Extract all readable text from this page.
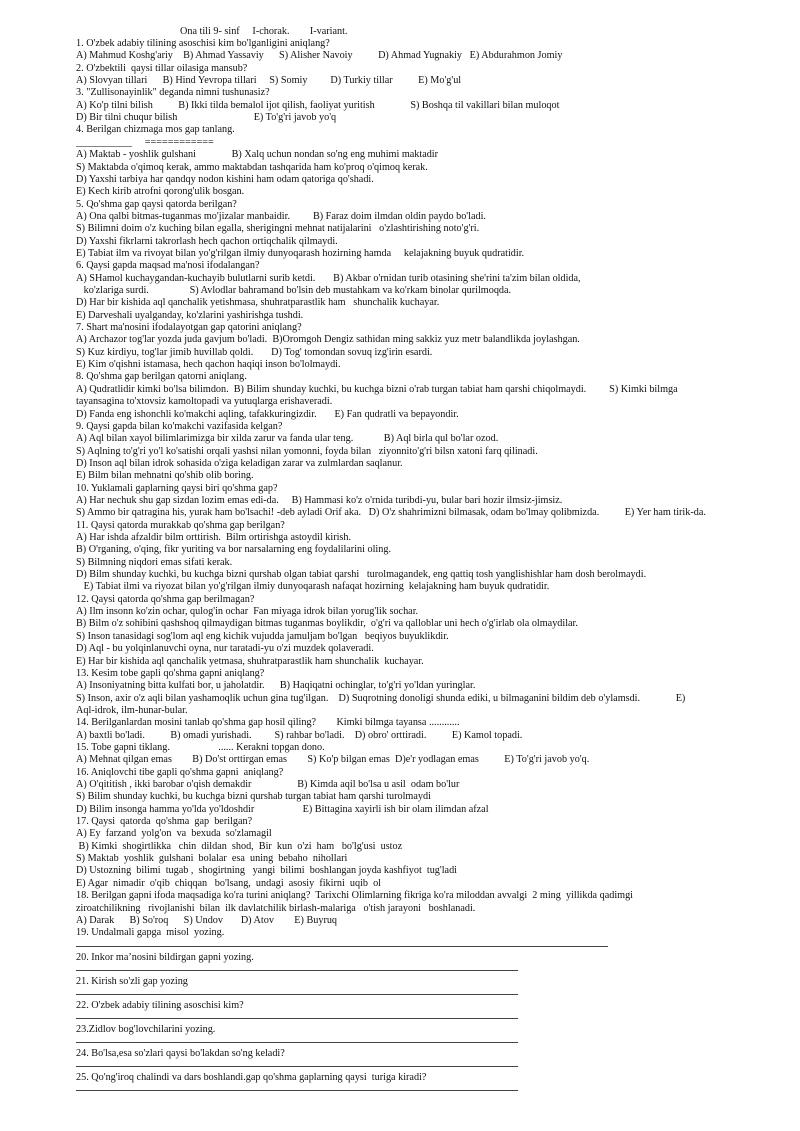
Ona tili 9- sinf     I-chorak.        I-variant.
1. O'zbek adabiy tilining asoschisi kim bo'lganligini aniqlang?
A) Mahmud Koshg'ariy    B) Ahmad Yassaviy      S) Alisher Navoiy          D) Ahmad Yugnakiy   E) Abdurahmon Jomiy
2. O'zbektili  qaysi tillar oilasiga mansub?
A) Slovyan tillari      B) Hind Yevropa tillari     S) Somiy         D) Turkiy tillar          E) Mo'g'ul
3. "Zullisonayinlik" deganda nimni tushunasiz?
A) Ko'p tilni bilish          B) Ikki tilda bemalol ijot qilish, faoliyat yuritish              S) Boshqa til vakillari bilan muloqot
D) Bir tilni chuqur bilish                              E) To'g'ri javob yo'q
4. Berilgan chizmaga mos gap tanlang.
___________     ============
A) Maktab - yoshlik gulshani              B) Xalq uchun nondan so'ng eng muhimi maktadir
S) Maktabda o'qimoq kerak, ammo maktabdan tashqarida ham ko'proq o'qimoq kerak.
D) Yaxshi tarbiya har qandqy nodon kishini ham odam qatoriga qo'shadi.
E) Kech kirib atrofni qorong'ulik bosgan.
5. Qo'shma gap qaysi qatorda berilgan?
A) Ona qalbi bitmas-tuganmas mo'jizalar manbaidir.         B) Faraz doim ilmdan oldin paydo bo'ladi.
S) Bilimni doim o'z kuching bilan egalla, sherigingni mehnat natijalarini   o'zlashtirishing noto'g'ri.
D) Yaxshi fikrlarni takrorlash hech qachon ortiqchalik qilmaydi.
E) Tabiat ilm va rivoyat bilan yo'g'rilgan ilmiy dunyoqarash hozirning hamda     kelajakning buyuk qudratidir.
6. Qaysi gapda maqsad ma'nosi ifodalangan?
A) SHamol kuchaygandan-kuchayib bulutlarni surib ketdi.       B) Akbar o'rnidan turib otasining she'rini ta'zim bilan oldida,
ko'zlariga surdi.                S) Avlodlar bahramand bo'lsin deb mustahkam va ko'rkam binolar qurilmoqda.
D) Har bir kishida aql qanchalik yetishmasa, shuhratparastlik ham   shunchalik kuchayar.
E) Darveshali uyalganday, ko'zlarini yashirishga tushdi.
7. Shart ma'nosini ifodalayotgan gap qatorini aniqlang?
A) Archazor tog'lar yozda juda gavjum bo'ladi.  B)Oromgoh Dengiz sathidan ming sakkiz yuz metr balandlikda joylashgan.
S) Kuz kirdiyu, tog'lar jimib huvillab qoldi.       D) Tog' tomondan sovuq izg'irin esardi.
E) Kim o'qishni istamasa, hech qachon haqiqi inson bo'lolmaydi.
8. Qo'shma gap berilgan qatorni aniqlang.
A) Qudratlidir kimki bo'lsa bilimdon.  B) Bilim shunday kuchki, bu kuchga bizni o'rab turgan tabiat ham qarshi chiqolmaydi.         S) Kimki bilmga
tayansagina to'xtovsiz kamoltopadi va yutuqlarga erishaveradi.
D) Fanda eng ishonchli ko'makchi aqling, tafakkuringizdir.       E) Fan qudratli va bepayondir.
9. Qaysi gapda bilan ko'makchi vazifasida kelgan?
A) Aql bilan xayol bilimlarimizga bir xilda zarur va fanda ular teng.            B) Aql birla qul bo'lar ozod.
S) Aqlning to'g'ri yo'l ko'satishi orqali yashsi nilan yomonni, foyda bilan   ziyonnito'g'ri bilsn xatoni farq qilinadi.
D) Inson aql bilan idrok sohasida o'ziga keladigan zarar va zulmlardan saqlanur.
E) Bilm bilan mehnatni qo'shib olib boring.
10. Yuklamali gaplarning qaysi biri qo'shma gap?
A) Har nechuk shu gap sizdan lozim emas edi-da.     B) Hammasi ko'z o'rnida turibdi-yu, bular bari hozir ilmsiz-jimsiz.
S) Ammo bir qatragina his, yurak ham bo'lsachi! -deb ayladi Orif aka.   D) O'z shahrimizni bilmasak, odam bo'lmay qolibmizda.          E) Yer ham tirik-da.
11. Qaysi qatorda murakkab qo'shma gap berilgan?
A) Har ishda afzaldir bilm orttirish.  Bilm ortirishga astoydil kirish.
B) O'rganing, o'qing, fikr yuriting va bor narsalarning eng foydalilarini oling.
S) Bilmning niqdori emas sifati kerak.
D) Bilm shunday kuchki, bu kuchga bizni qurshab olgan tabiat qarshi   turolmagandek, eng qattiq tosh yanglishishlar ham dosh berolmaydi.
E) Tabiat ilmi va riyozat bilan yo'g'rilgan ilmiy dunyoqarash nafaqat hozirning  kelajakning ham buyuk qudratidir.
12. Qaysi qatorda qo'shma gap berilmagan?
A) Ilm insonn ko'zin ochar, qulog'in ochar  Fan miyaga idrok bilan yorug'lik sochar.
B) Bilm o'z sohibini qashshoq qilmaydigan bitmas tuganmas boylikdir,  o'g'ri va qalloblar uni hech o'g'irlab ola olmaydilar.
S) Inson tanasidagi sog'lom aql eng kichik vujudda jamuljam bo'lgan   beqiyos buyuklikdir.
D) Aql - bu yolqinlanuvchi oyna, nur taratadi-yu o'zi muzdek qolaveradi.
E) Har bir kishida aql qanchalik yetmasa, shuhratparastlik ham shunchalik  kuchayar.
13. Kesim tobe gapli qo'shma gapni aniqlang?
A) Insoniyatning bitta kulfati bor, u jaholatdir.      B) Haqiqatni ochinglar, to'g'ri yo'ldan yuringlar.
S) Inson, axir o'z aqli bilan yashamoqlik uchun gina tug'ilgan.    D) Suqrotning donoligi shunda ediki, u bilmaganini bildim deb o'ylamsdi.              E)
Aql-idrok, ilm-hunar-bular.
14. Berilganlardan mosini tanlab qo'shma gap hosil qiling?        Kimki bilmga tayansa ............
A) baxtli bo'ladi.          B) omadi yurishadi.         S) rahbar bo'ladi.    D) obro' orttiradi.          E) Kamol topadi.
15. Tobe gapni tiklang.                   ...... Kerakni topgan dono.
A) Mehnat qilgan emas        B) Do'st orttirgan emas        S) Ko'p bilgan emas  D)e'r yodlagan emas          E) To'g'ri javob yo'q.
16. Aniqlovchi tibe gapli qo'shma gapni  aniqlang?
A) O'qititish , ikki barobar o'qish demakdir                  B) Kimda aqil bo'lsa u asil  odam bo'lur
S) Bilim shunday kuchki, bu kuchga bizni qurshab turgan tabiat ham qarshi turolmaydi
D) Bilim insonga hamma yo'lda yo'ldoshdir                   E) Bittagina xayirli ish bir olam ilimdan afzal
17. Qaysi  qatorda  qo'shma  gap  berilgan?
A) Ey  farzand  yolg'on  va  bexuda  so'zlamagil
B) Kimki  shogirtlikka   chin  dildan  shod,  Bir  kun  o'zi  ham   bo'lg'usi  ustoz
S) Maktab  yoshlik  gulshani  bolalar  esa  uning  bebaho  nihollari
D) Ustozning  bilimi  tugab ,  shogirtning   yangi  bilimi  boshlangan joyda kashfiyot  tug'ladi
E) Agar  nimadir  o'qib  chiqqan   bo'lsang,  undagi  asosiy  fikirni  uqib  ol
18. Berilgan gapni ifoda maqsadiga ko'ra turini aniqlang?  Tarixchi Olimlarning fikriga ko'ra miloddan avvalgi  2 ming  yillikda qadimgi
ziroatchilikning   rivojlanishi  bilan  ilk davlatchilik birlash-malariga   o'tish jarayoni   boshlanadi.
A) Darak      B) So'roq      S) Undov       D) Atov        E) Buyruq
19. Undalmali gapga  misol  yozing.
20. Inkor ma’nosini bildirgan gapni yozing.
21. Kirish so'zli gap yozing
22. O'zbek adabiy tilining asoschisi kim?
23.Zidlov bog'lovchilarini yozing.
24. Bo'lsa,esa so'zlari qaysi bo'lakdan so'ng keladi?
25. Qo'ng'iroq chalindi va dars boshlandi.gap qo'shma gaplarning qaysi  turiga kiradi?
